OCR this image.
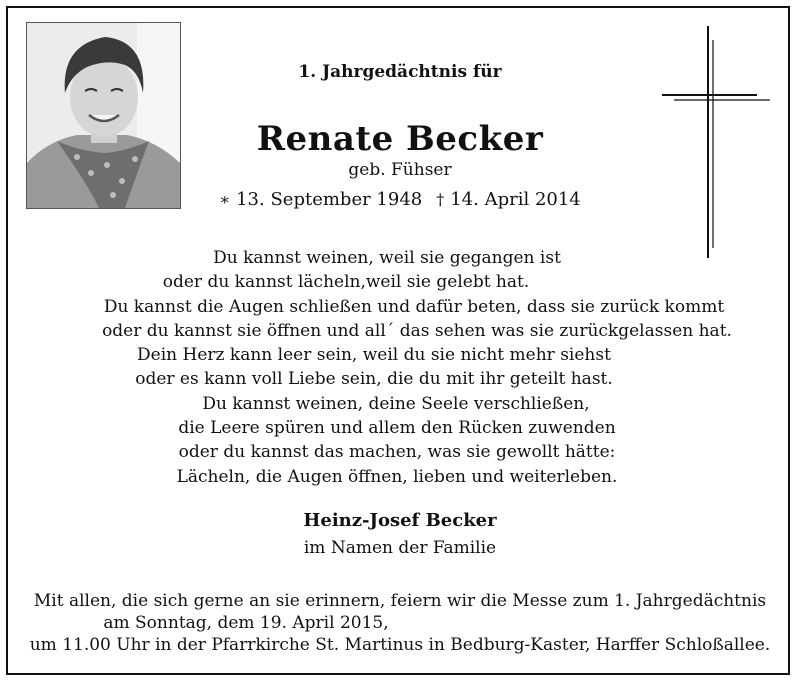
1. Jahrgedächtnis für
Renate Becker
geb. Fühser
∗ 13. September 1948 † 14. April 2014
Du kannst weinen, weil sie gegangen ist
oder du kannst lächeln,weil sie gelebt hat.
Du kannst die Augen schließen und dafür beten, dass sie zurück kommt
oder du kannst sie öffnen und all´ das sehen was sie zurückgelassen hat.
Dein Herz kann leer sein, weil du sie nicht mehr siehst
oder es kann voll Liebe sein, die du mit ihr geteilt hast.
Du kannst weinen, deine Seele verschließen,
die Leere spüren und allem den Rücken zuwenden
oder du kannst das machen, was sie gewollt hätte:
Lächeln, die Augen öffnen, lieben und weiterleben.
Heinz-Josef Becker
im Namen der Familie
Mit allen, die sich gerne an sie erinnern, feiern wir die Messe zum 1. Jahrgedächtnis
am Sonntag, dem 19. April 2015,
um 11.00 Uhr in der Pfarrkirche St. Martinus in Bedburg-Kaster, Harffer Schloßallee.
